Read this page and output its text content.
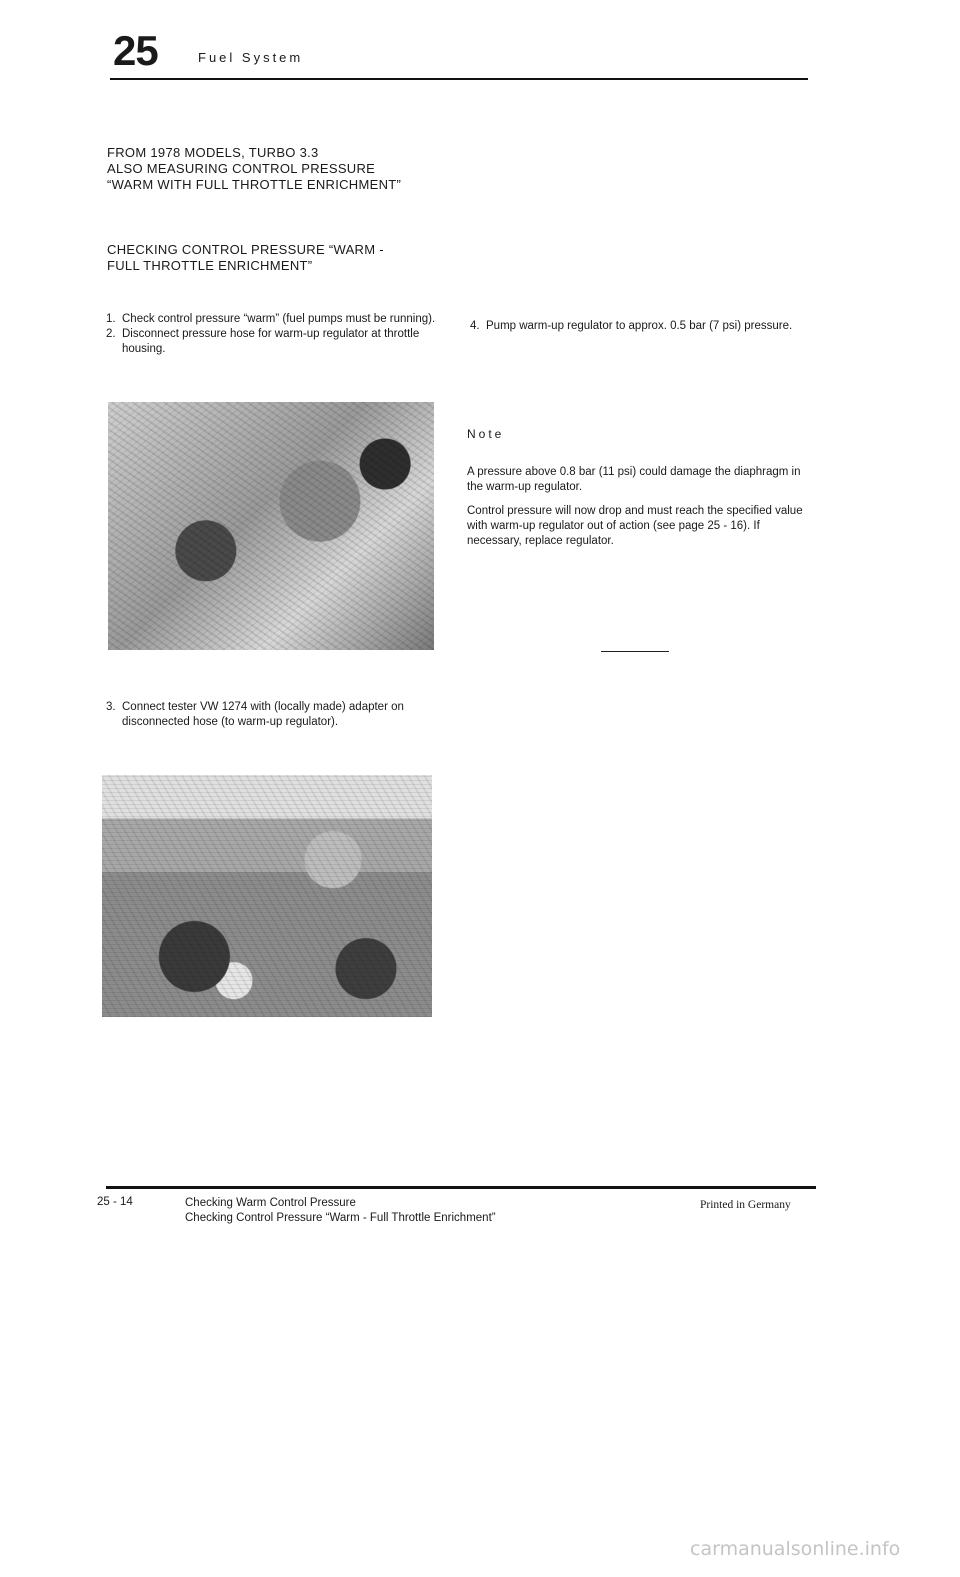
25	Fuel System
FROM 1978 MODELS, TURBO 3.3
ALSO MEASURING CONTROL PRESSURE
“WARM WITH FULL THROTTLE ENRICHMENT”
CHECKING CONTROL PRESSURE “WARM -
FULL THROTTLE ENRICHMENT”
1. Check control pressure “warm” (fuel pumps must be running).
2. Disconnect pressure hose for warm-up regulator at throttle housing.
3. Connect tester VW 1274 with (locally made) adapter on disconnected hose (to warm-up regulator).
4. Pump warm-up regulator to approx. 0.5 bar (7 psi) pressure.
Note
A pressure above 0.8 bar (11 psi) could damage the diaphragm in the warm-up regulator.
Control pressure will now drop and must reach the specified value with warm-up regulator out of action (see page 25 - 16). If necessary, replace regulator.
25 - 14	Checking Warm Control Pressure
Checking Control Pressure “Warm - Full Throttle Enrichment”
Printed in Germany
carmanualsonline.info
